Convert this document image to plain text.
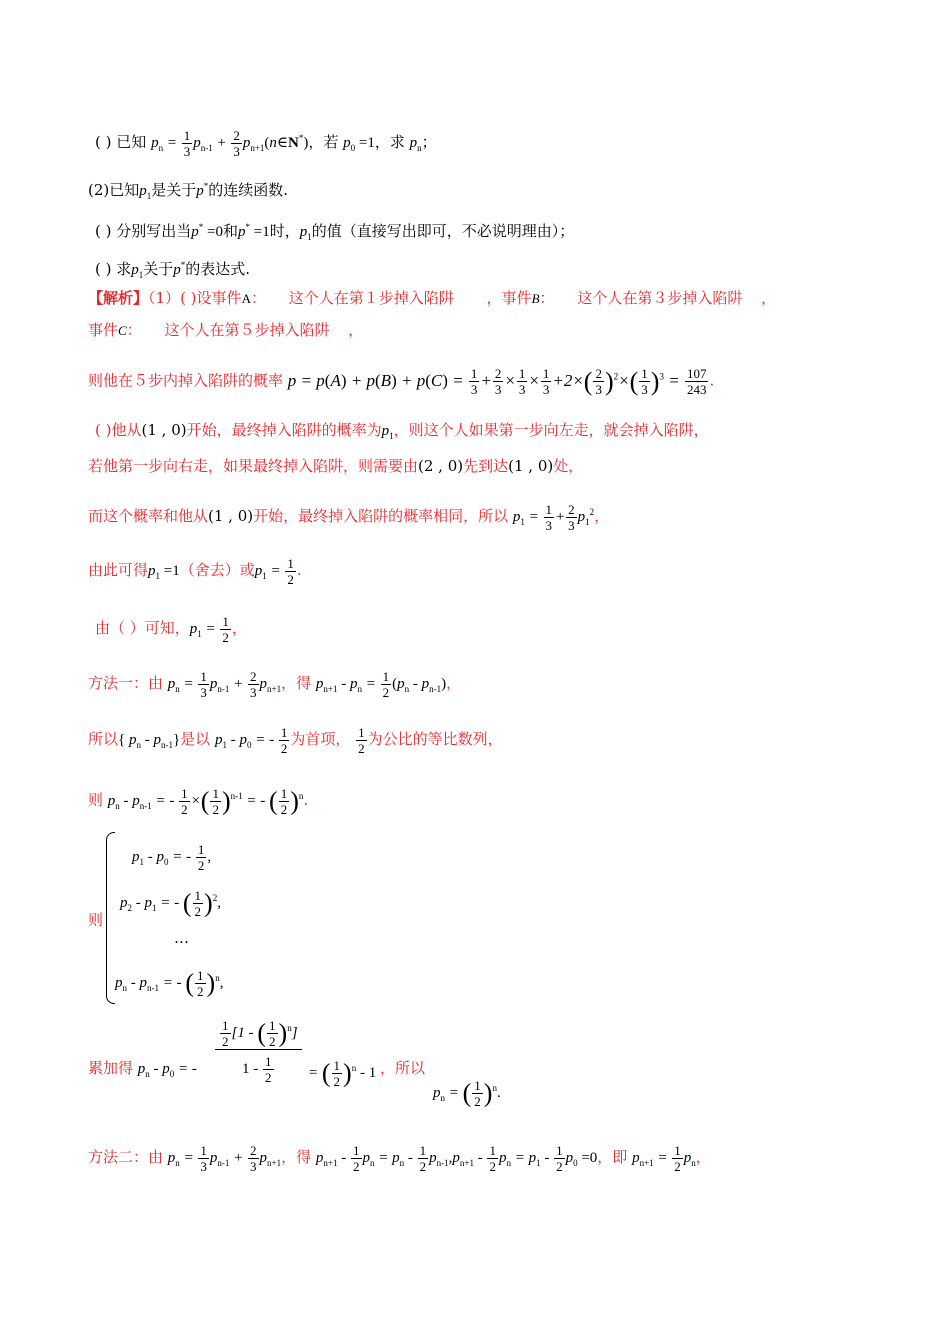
( ) 已知 $p_n = \frac{1}{3} p_{n-1} + \frac{2}{3}$ $p_{n+1}(n\in N^*)$，若 $p_0 =1$，求 $p_n$；
(2)已知$p_1$是关于p*的连续函数.
( ) 分别写出当p* =0和p* =1时，$p_1$的值（直接写出即可，不必说明理由）；
( ) 求$p_1$关于p*的表达式.
【解析】（1）( )设事件A： 这个人在第１步掉入陷阱 ，事件B： 这个人在第３步掉入陷阱 ，
事件C： 这个人在第５步掉入陷阱 ，
则他在５步内掉入陷阱的概率 $p = p(A) + p(B) + p(C) = \frac{1}{3} + \frac{2}{3} \times \frac{1}{3} \times \frac{1}{3} +2\times( \frac{2}{3} )^2\times( \frac{1}{3} )^3 = \frac{107}{243}$ .
( )他从(1 , 0)开始，最终掉入陷阱的概率为$p_1$，则这个人如果第一步向左走，就会掉入陷阱，
若他第一步向右走，如果最终掉入陷阱，则需要由(2 , 0)先到达(1 , 0)处，
而这个概率和他从(1 , 0)开始，最终掉入陷阱的概率相同，所以 $p_1 = \frac{1}{3} + \frac{2}{3} p_1^2$，
由此可得$p_1 =1$（舍去）或$p_1 = \frac{1}{2}$ .
由（ ）可知，$p_1 = \frac{1}{2}$ ，
方法一：由 $p_n = \frac{1}{3} p_{n-1} + \frac{2}{3} p_{n+1}$，得 $p_{n+1} - p_n = \frac{1}{2} (p_n - p_{n-1})$，
所以{ $p_n - p_{n-1}$}是以 $p_1 - p_0$ = - $\frac{1}{2}$ 为首项， $\frac{1}{2}$ 为公比的等比数列，
则 $p_n - p_{n-1}$ = - $\frac{1}{2}$ ×( $\frac{1}{2} )^{n-1}$ = - ( $\frac{1}{2} )^n$.
则
$p_1 - p_0$ = - $\frac{1}{2}$ ,
$p_2 - p_1$ = - ( $\frac{1}{2} )^2$,
…
$p_n - p_{n-1}$ = - ( $\frac{1}{2} )^n$,
累加得 $p_n - p_0$ = -
$\frac{1}{2} [1$ - ( $\frac{1}{2} )^n$]
$1 - \frac{1}{2}$ = ( $\frac{1}{2} )^n - 1$ ，所以
$p_n$ = ( $\frac{1}{2} )^n$.
方法二：由 $p_n = \frac{1}{3} p_{n-1} + \frac{2}{3} p_{n+1}$，得 $p_{n+1} - \frac{1}{2} p_n = p_n - \frac{1}{2} p_{n-1},p_{n+1} - \frac{1}{2} p_n = p_1 - \frac{1}{2} p_0 =0$，即 $p_{n+1} = \frac{1}{2} p_n$，
